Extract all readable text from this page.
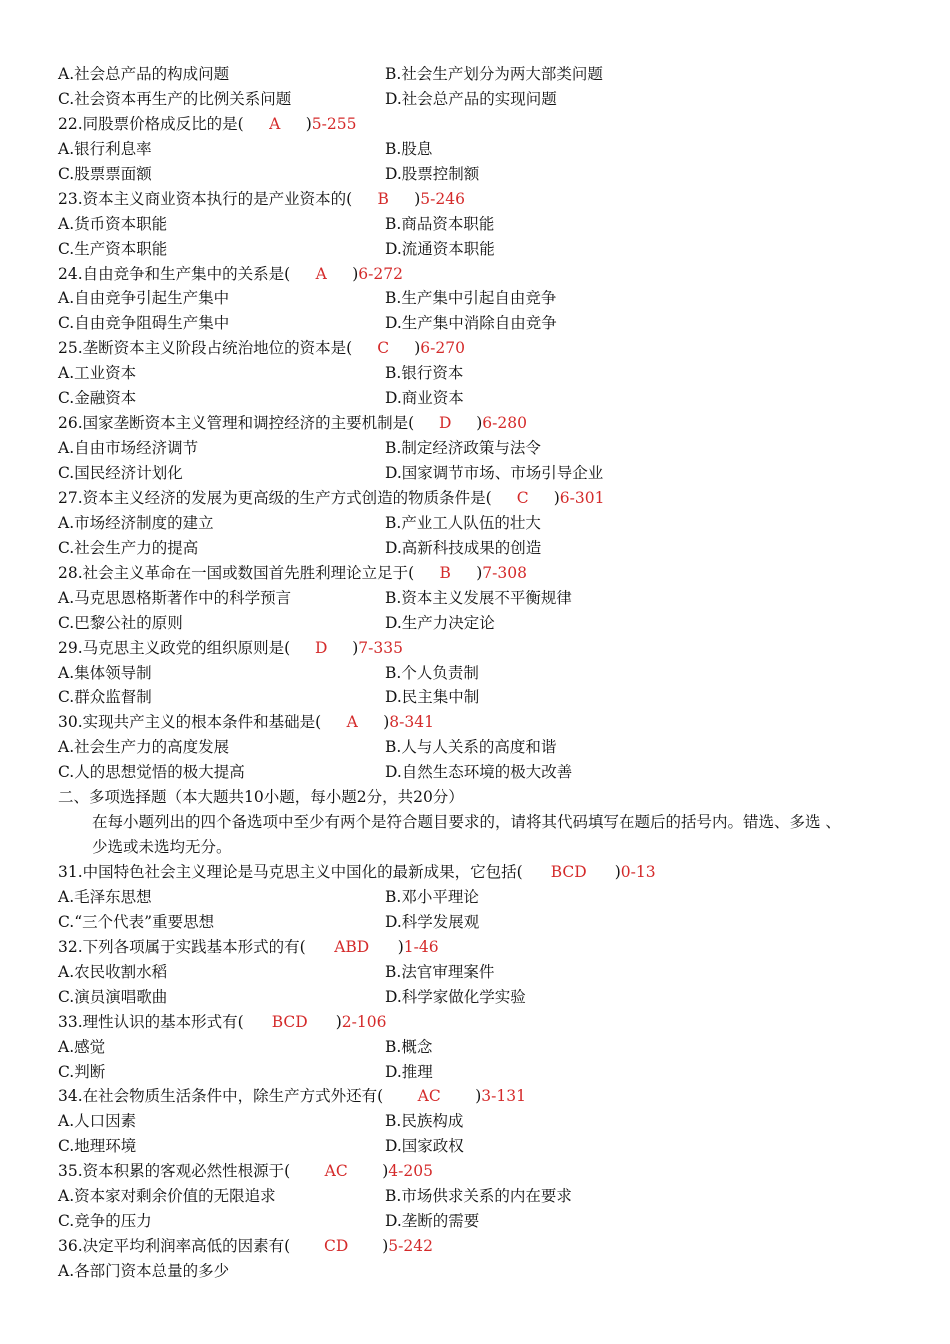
A.社会总产品的构成问题	B.社会生产划分为两大部类问题
C.社会资本再生产的比例关系问题	D.社会总产品的实现问题
22.同股票价格成反比的是( A )5-255
A.银行利息率	B.股息
C.股票票面额	D.股票控制额
23.资本主义商业资本执行的是产业资本的( B )5-246
A.货币资本职能	B.商品资本职能
C.生产资本职能	D.流通资本职能
24.自由竞争和生产集中的关系是( A )6-272
A.自由竞争引起生产集中	B.生产集中引起自由竞争
C.自由竞争阻碍生产集中	D.生产集中消除自由竞争
25.垄断资本主义阶段占统治地位的资本是( C )6-270
A.工业资本	B.银行资本
C.金融资本	D.商业资本
26.国家垄断资本主义管理和调控经济的主要机制是( D )6-280
A.自由市场经济调节	B.制定经济政策与法令
C.国民经济计划化	D.国家调节市场、市场引导企业
27.资本主义经济的发展为更高级的生产方式创造的物质条件是( C )6-301
A.市场经济制度的建立	B.产业工人队伍的壮大
C.社会生产力的提高	D.高新科技成果的创造
28.社会主义革命在一国或数国首先胜利理论立足于( B )7-308
A.马克思恩格斯著作中的科学预言	B.资本主义发展不平衡规律
C.巴黎公社的原则	D.生产力决定论
29.马克思主义政党的组织原则是( D )7-335
A.集体领导制	B.个人负责制
C.群众监督制	D.民主集中制
30.实现共产主义的根本条件和基础是( A )8-341
A.社会生产力的高度发展	B.人与人关系的高度和谐
C.人的思想觉悟的极大提高	D.自然生态环境的极大改善
二、多项选择题（本大题共10小题，每小题2分，共20分）
在每小题列出的四个备选项中至少有两个是符合题目要求的，请将其代码填写在题后的括号内。错选、多选 、
少选或未选均无分。
31.中国特色社会主义理论是马克思主义中国化的最新成果，它包括( BCD )0-13
A.毛泽东思想	B.邓小平理论
C.“三个代表”重要思想	D.科学发展观
32.下列各项属于实践基本形式的有( ABD )1-46
A.农民收割水稻	B.法官审理案件
C.演员演唱歌曲	D.科学家做化学实验
33.理性认识的基本形式有( BCD )2-106
A.感觉	B.概念
C.判断	D.推理
34.在社会物质生活条件中，除生产方式外还有( AC )3-131
A.人口因素	B.民族构成
C.地理环境	D.国家政权
35.资本积累的客观必然性根源于( AC )4-205
A.资本家对剩余价值的无限追求	B.市场供求关系的内在要求
C.竞争的压力	D.垄断的需要
36.决定平均利润率高低的因素有( CD )5-242
A.各部门资本总量的多少
